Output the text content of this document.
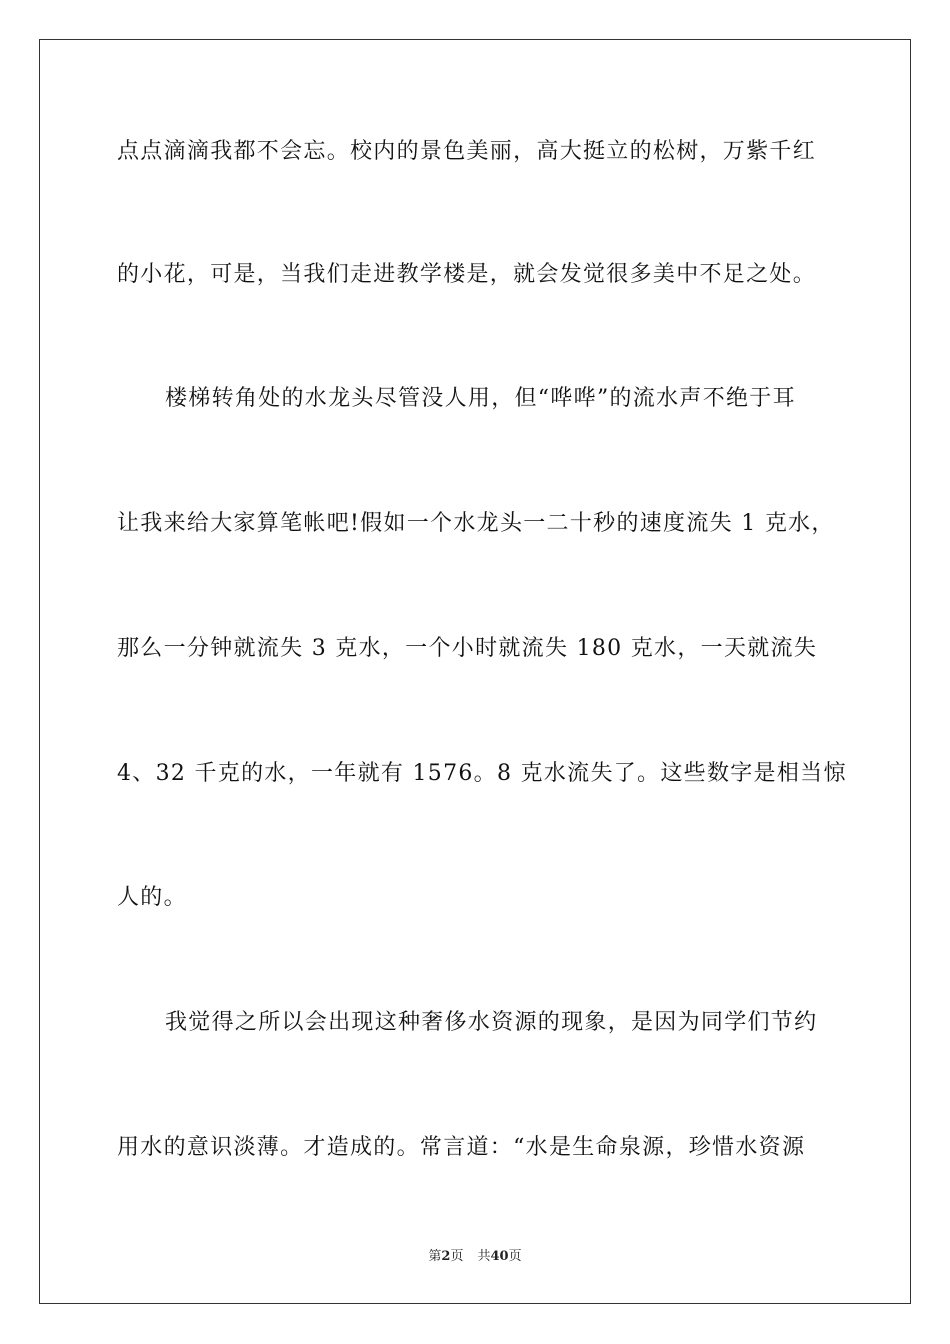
点点滴滴我都不会忘。校内的景色美丽，高大挺立的松树，万紫千红
的小花，可是，当我们走进教学楼是，就会发觉很多美中不足之处。
楼梯转角处的水龙头尽管没人用，但“哗哗”的流水声不绝于耳
让我来给大家算笔帐吧!假如一个水龙头一二十秒的速度流失 1 克水，
那么一分钟就流失 3 克水，一个小时就流失 180 克水，一天就流失
4、32 千克的水，一年就有 1576。8 克水流失了。这些数字是相当惊
人的。
我觉得之所以会出现这种奢侈水资源的现象，是因为同学们节约
用水的意识淡薄。才造成的。常言道：“水是生命泉源，珍惜水资源
第2页 共40页
